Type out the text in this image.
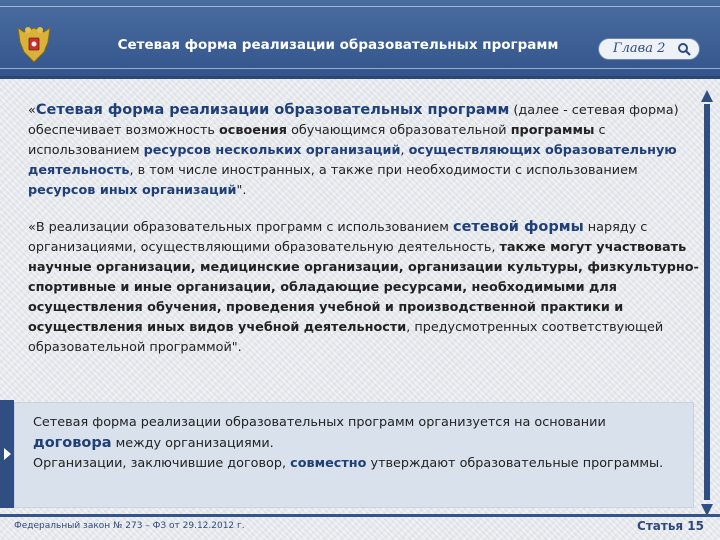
Сетевая форма реализации образовательных программ	Глава 2

«Сетевая форма реализации образовательных программ (далее - сетевая форма) обеспечивает возможность освоения обучающимся образовательной программы с использованием ресурсов нескольких организаций, осуществляющих образовательную деятельность, в том числе иностранных, а также при необходимости с использованием ресурсов иных организаций".

«В реализации образовательных программ с использованием сетевой формы наряду с организациями, осуществляющими образовательную деятельность, также могут участвовать научные организации, медицинские организации, организации культуры, физкультурно-спортивные и иные организации, обладающие ресурсами, необходимыми для осуществления обучения, проведения учебной и производственной практики и осуществления иных видов учебной деятельности, предусмотренных соответствующей образовательной программой".

Сетевая форма реализации образовательных программ организуется на основании договора между организациями.
Организации, заключившие договор, совместно утверждают образовательные программы.
Федеральный закон № 273 – ФЗ от 29.12.2012 г.	Статья 15
